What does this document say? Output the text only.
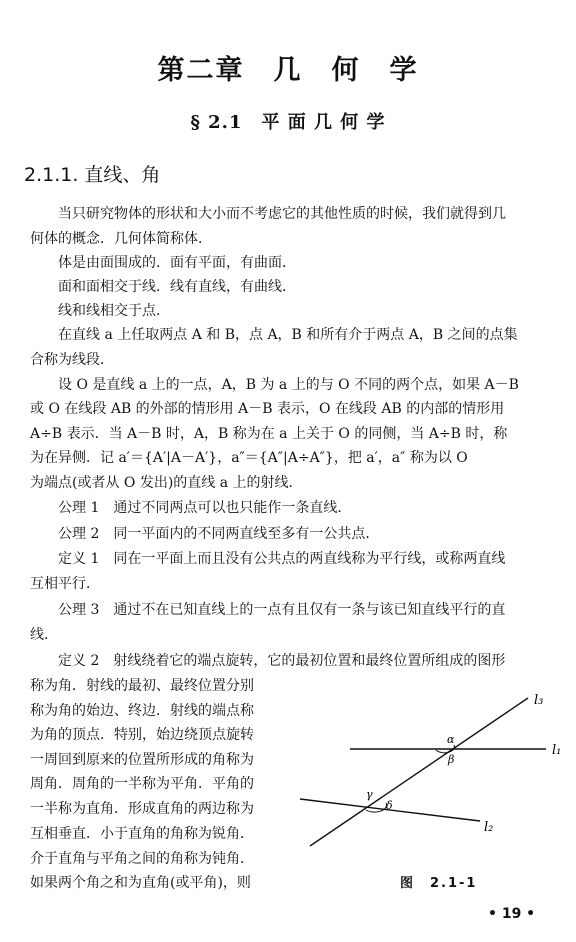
第二章　几　何　学
§ 2.1　平 面 几 何 学
2.1.1. 直线、角
　　当只研究物体的形状和大小而不考虑它的其他性质的时候，我们就得到几
何体的概念．几何体简称体．
　　体是由面围成的．面有平面，有曲面．
　　面和面相交于线．线有直线，有曲线．
　　线和线相交于点．
　　在直线 a 上任取两点 A 和 B，点 A，B 和所有介于两点 A，B 之间的点集
合称为线段．
　　设 O 是直线 a 上的一点，A，B 为 a 上的与 O 不同的两个点，如果 A－B
或 O 在线段 AB 的外部的情形用 A－B 表示，O 在线段 AB 的内部的情形用
A÷B 表示．当 A－B 时，A，B 称为在 a 上关于 O 的同侧，当 A÷B 时，称
为在异侧．记 a′＝{A′|A－A′}，a″＝{A″|A÷A″}，把 a′，a″ 称为以 O
为端点(或者从 O 发出)的直线 a 上的射线．
　　公理 1　通过不同两点可以也只能作一条直线．
　　公理 2　同一平面内的不同两直线至多有一公共点．
　　定义 1　同在一平面上而且没有公共点的两直线称为平行线，或称两直线
互相平行．
　　公理 3　通过不在已知直线上的一点有且仅有一条与该已知直线平行的直
线．
　　定义 2　射线绕着它的端点旋转，它的最初位置和最终位置所组成的图形
称为角．射线的最初、最终位置分别
称为角的始边、终边．射线的端点称
为角的顶点．特别，始边绕顶点旋转
一周回到原来的位置所形成的角称为
周角．周角的一半称为平角．平角的
一半称为直角．形成直角的两边称为
互相垂直．小于直角的角称为锐角．
介于直角与平角之间的角称为钝角．
如果两个角之和为直角(或平角)，则
l₃
l₁
l₂
α
β
γ
δ
图　2.1-1
• 19 •
